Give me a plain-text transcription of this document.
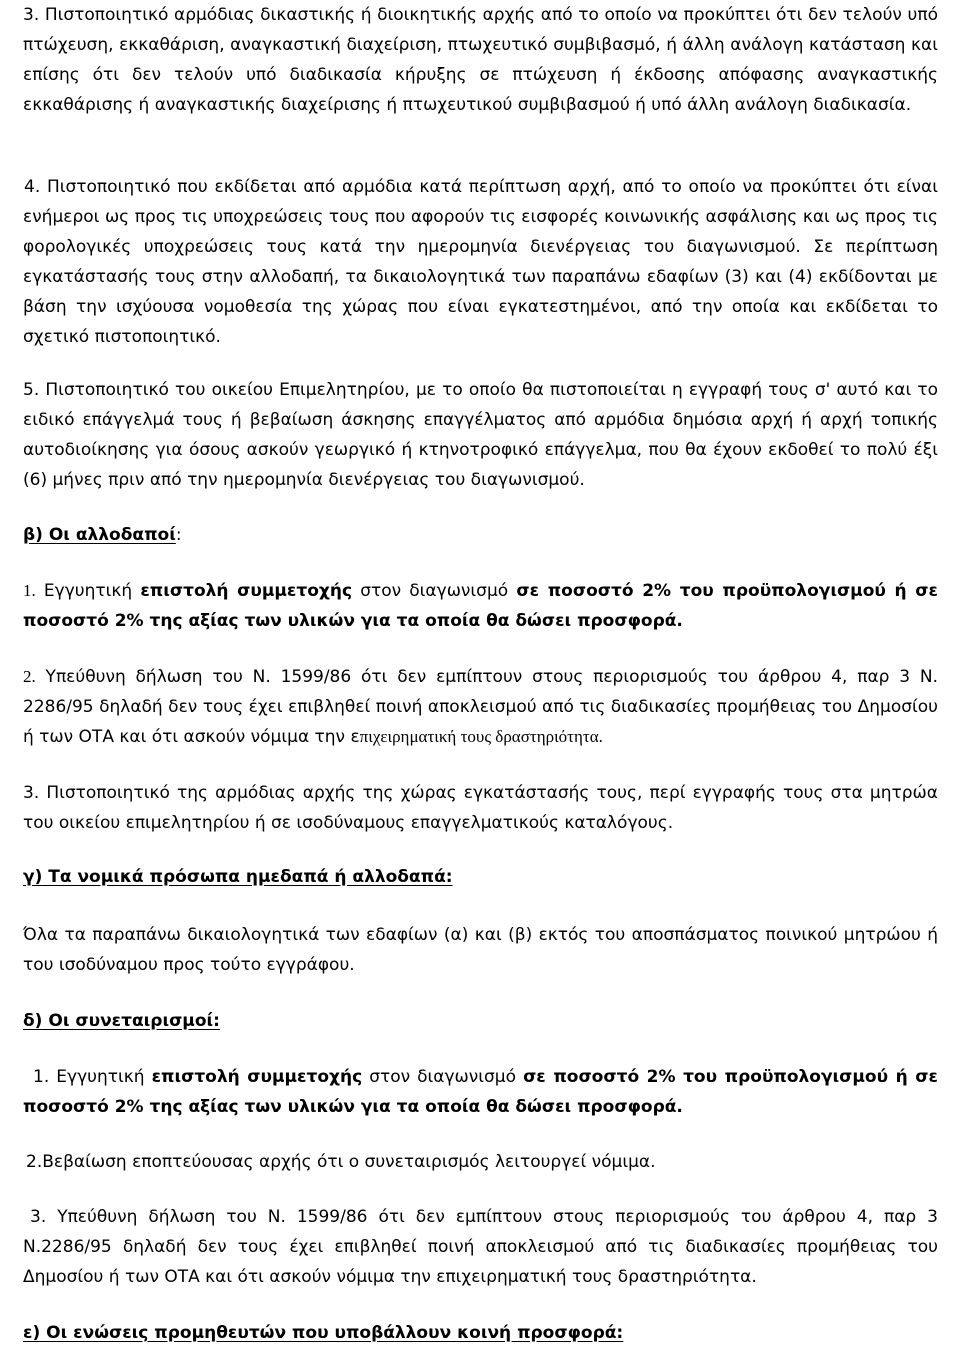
3. Πιστοποιητικό αρμόδιας δικαστικής ή διοικητικής αρχής από το οποίο να προκύπτει ότι δεν τελούν υπό πτώχευση, εκκαθάριση, αναγκαστική διαχείριση, πτωχευτικό συμβιβασμό, ή άλλη ανάλογη κατάσταση και επίσης ότι δεν τελούν υπό διαδικασία κήρυξης σε πτώχευση ή έκδοσης απόφασης αναγκαστικής εκκαθάρισης ή αναγκαστικής διαχείρισης ή πτωχευτικού συμβιβασμού ή υπό άλλη ανάλογη διαδικασία.

4. Πιστοποιητικό που εκδίδεται από αρμόδια κατά περίπτωση αρχή, από το οποίο να προκύπτει ότι είναι ενήμεροι ως προς τις υποχρεώσεις τους που αφορούν τις εισφορές κοινωνικής ασφάλισης και ως προς τις φορολογικές υποχρεώσεις τους κατά την ημερομηνία διενέργειας του διαγωνισμού. Σε περίπτωση εγκατάστασής τους στην αλλοδαπή, τα δικαιολογητικά των παραπάνω εδαφίων (3) και (4) εκδίδονται με βάση την ισχύουσα νομοθεσία της χώρας που είναι εγκατεστημένοι, από την οποία και εκδίδεται το σχετικό πιστοποιητικό.

5. Πιστοποιητικό του οικείου Επιμελητηρίου, με το οποίο θα πιστοποιείται η εγγραφή τους σ' αυτό και το ειδικό επάγγελμά τους ή βεβαίωση άσκησης επαγγέλματος από αρμόδια δημόσια αρχή ή αρχή τοπικής αυτοδιοίκησης για όσους ασκούν γεωργικό ή κτηνοτροφικό επάγγελμα, που θα έχουν εκδοθεί το πολύ έξι (6) μήνες πριν από την ημερομηνία διενέργειας του διαγωνισμού.

β) Οι αλλοδαποί:

1. Εγγυητική επιστολή συμμετοχής στον διαγωνισμό σε ποσοστό 2% του προϋπολογισμού ή σε ποσοστό 2% της αξίας των υλικών για τα οποία θα δώσει προσφορά.

2. Υπεύθυνη δήλωση του Ν. 1599/86 ότι δεν εμπίπτουν στους περιορισμούς του άρθρου 4, παρ 3 Ν. 2286/95 δηλαδή δεν τους έχει επιβληθεί ποινή αποκλεισμού από τις διαδικασίες προμήθειας του Δημοσίου ή των ΟΤΑ και ότι ασκούν νόμιμα την επιχειρηματική τους δραστηριότητα.

3. Πιστοποιητικό της αρμόδιας αρχής της χώρας εγκατάστασής τους, περί εγγραφής τους στα μητρώα του οικείου επιμελητηρίου ή σε ισοδύναμους επαγγελματικούς καταλόγους.

γ) Τα νομικά πρόσωπα ημεδαπά ή αλλοδαπά:

Όλα τα παραπάνω δικαιολογητικά των εδαφίων (α) και (β) εκτός του αποσπάσματος ποινικού μητρώου ή του ισοδύναμου προς τούτο εγγράφου.

δ) Οι συνεταιρισμοί:

1. Εγγυητική επιστολή συμμετοχής στον διαγωνισμό σε ποσοστό 2% του προϋπολογισμού ή σε ποσοστό 2% της αξίας των υλικών για τα οποία θα δώσει προσφορά.

2.Βεβαίωση εποπτεύουσας αρχής ότι ο συνεταιρισμός λειτουργεί νόμιμα.

3. Υπεύθυνη δήλωση του Ν. 1599/86 ότι δεν εμπίπτουν στους περιορισμούς του άρθρου 4, παρ 3 Ν.2286/95 δηλαδή δεν τους έχει επιβληθεί ποινή αποκλεισμού από τις διαδικασίες προμήθειας του Δημοσίου ή των ΟΤΑ και ότι ασκούν νόμιμα την επιχειρηματική τους δραστηριότητα.

ε) Οι ενώσεις προμηθευτών που υποβάλλουν κοινή προσφορά:
